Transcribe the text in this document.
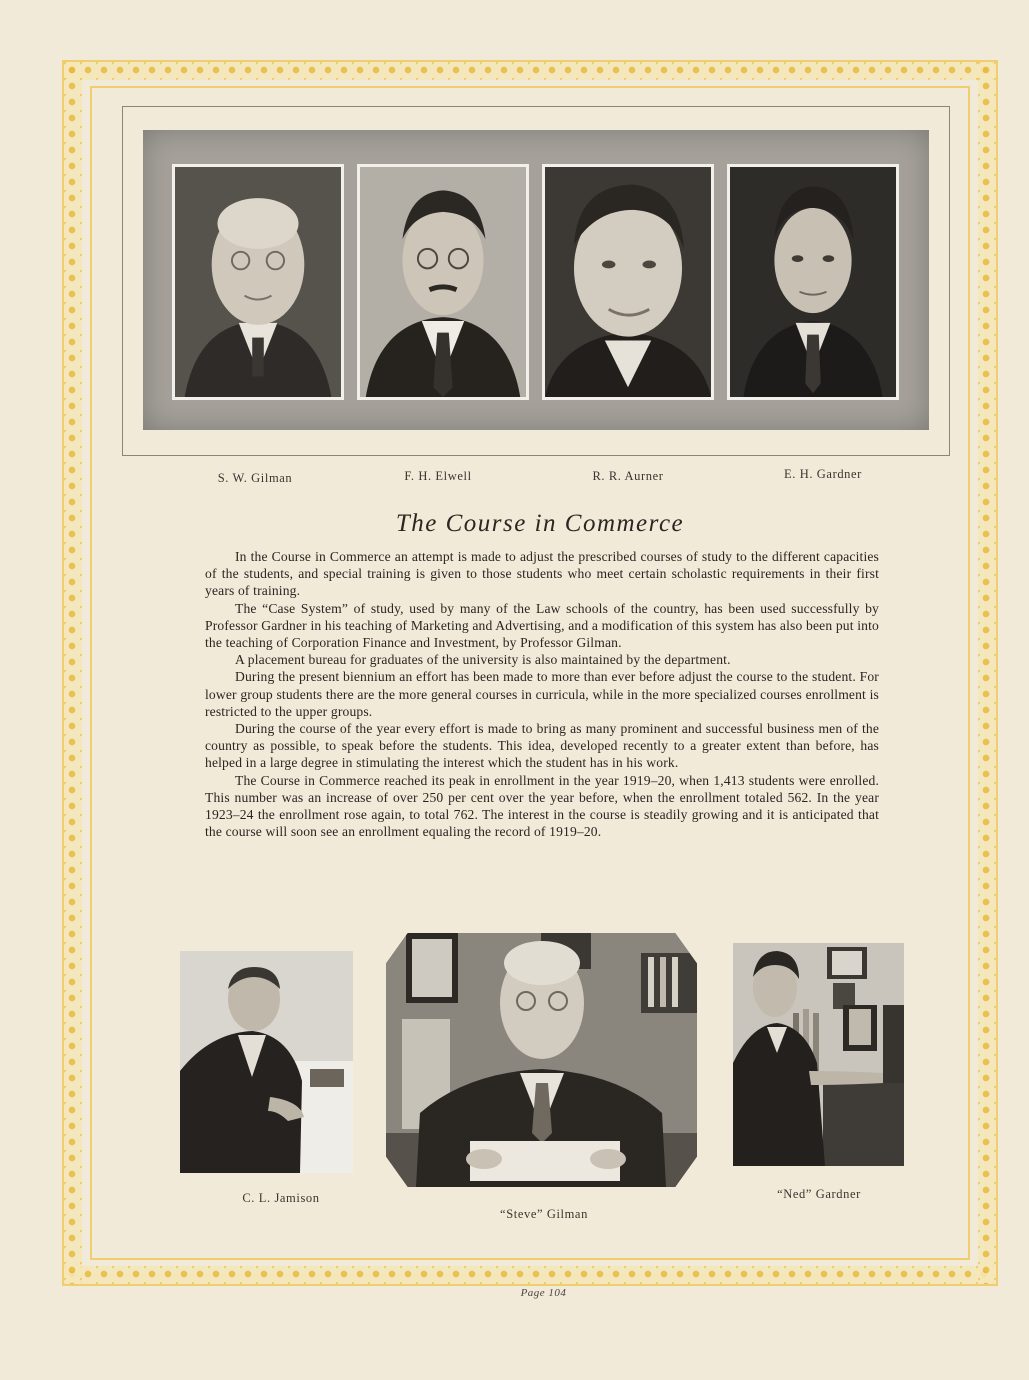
S. W. Gilman	F. H. Elwell	R. R. Aurner	E. H. Gardner
The Course in Commerce

In the Course in Commerce an attempt is made to adjust the prescribed courses of study to the different capacities of the students, and special training is given to those students who meet certain scholastic requirements in their first years of training.

The “Case System” of study, used by many of the Law schools of the country, has been used successfully by Professor Gardner in his teaching of Marketing and Advertising, and a modification of this system has also been put into the teaching of Corporation Finance and Investment, by Professor Gilman.

A placement bureau for graduates of the university is also maintained by the department.

During the present biennium an effort has been made to more than ever before adjust the course to the student. For lower group students there are the more general courses in curricula, while in the more specialized courses enrollment is restricted to the upper groups.

During the course of the year every effort is made to bring as many prominent and successful business men of the country as possible, to speak before the students. This idea, developed recently to a greater extent than before, has helped in a large degree in stimulating the interest which the student has in his work.

The Course in Commerce reached its peak in enrollment in the year 1919–20, when 1,413 students were enrolled. This number was an increase of over 250 per cent over the year before, when the enrollment totaled 562. In the year 1923–24 the enrollment rose again, to total 762. The interest in the course is steadily growing and it is anticipated that the course will soon see an enrollment equaling the record of 1919–20.

C. L. Jamison
“Steve” Gilman
“Ned” Gardner
Page 104
